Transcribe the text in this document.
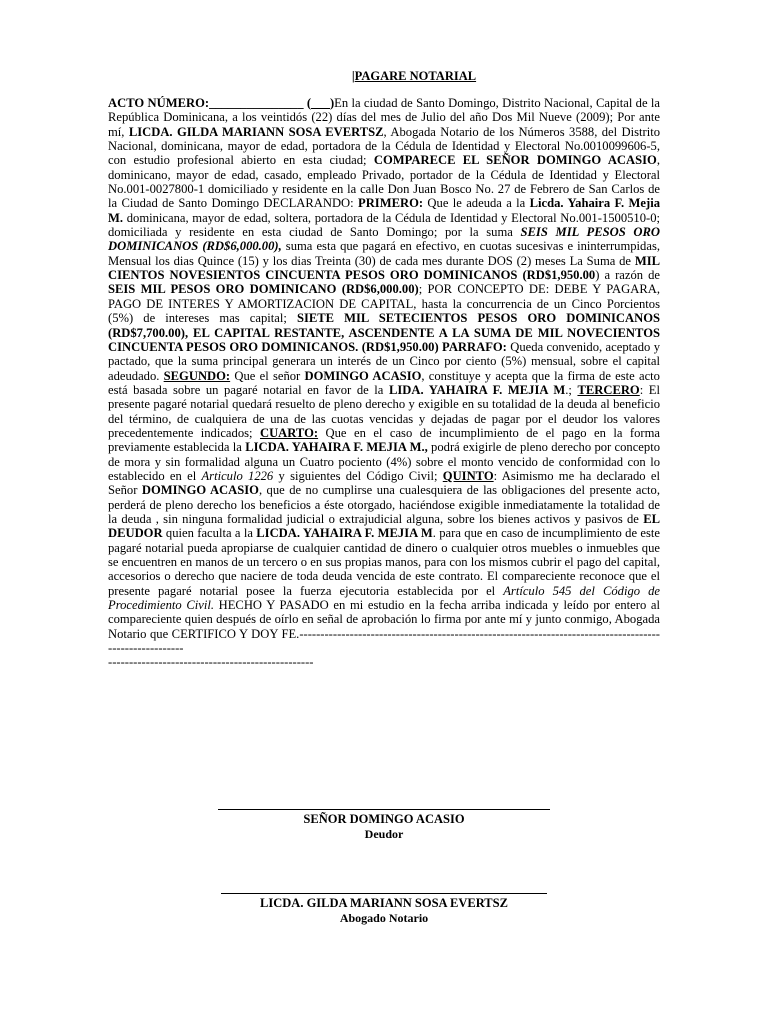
|PAGARE NOTARIAL

ACTO NÚMERO:_______________ (___)En la ciudad de Santo Domingo, Distrito Nacional, Capital de la República Dominicana, a los veintidós (22) días del mes de Julio del año Dos Mil Nueve (2009); Por ante mí, LICDA. GILDA MARIANN SOSA EVERTSZ, Abogada Notario de los Números 3588, del Distrito Nacional, dominicana, mayor de edad, portadora de la Cédula de Identidad y Electoral No.0010099606-5, con estudio profesional abierto en esta ciudad; COMPARECE EL SEÑOR DOMINGO ACASIO, dominicano, mayor de edad, casado, empleado Privado, portador de la Cédula de Identidad y Electoral No.001-0027800-1 domiciliado y residente en la calle Don Juan Bosco No. 27 de Febrero de San Carlos de la Ciudad de Santo Domingo DECLARANDO: PRIMERO: Que le adeuda a la Licda. Yahaira F. Mejia M. dominicana, mayor de edad, soltera, portadora de la Cédula de Identidad y Electoral No.001-1500510-0; domiciliada y residente en esta ciudad de Santo Domingo; por la suma SEIS MIL PESOS ORO DOMINICANOS (RD$6,000.00), suma esta que pagará en efectivo, en cuotas sucesivas e ininterrumpidas, Mensual los dias Quince (15) y los dias Treinta (30) de cada mes durante DOS (2) meses La Suma de MIL CIENTOS NOVESIENTOS CINCUENTA PESOS ORO DOMINICANOS (RD$1,950.00) a razón de SEIS MIL PESOS ORO DOMINICANO (RD$6,000.00); POR CONCEPTO DE: DEBE Y PAGARA, PAGO DE INTERES Y AMORTIZACION DE CAPITAL, hasta la concurrencia de un Cinco Porcientos (5%) de intereses mas capital; SIETE MIL SETECIENTOS PESOS ORO DOMINICANOS (RD$7,700.00), EL CAPITAL RESTANTE, ASCENDENTE A LA SUMA DE MIL NOVECIENTOS CINCUENTA PESOS ORO DOMINICANOS. (RD$1,950.00) PARRAFO: Queda convenido, aceptado y pactado, que la suma principal generara un interés de un Cinco por ciento (5%) mensual, sobre el capital adeudado. SEGUNDO: Que el señor DOMINGO ACASIO, constituye y acepta que la firma de este acto está basada sobre un pagaré notarial en favor de la LIDA. YAHAIRA F. MEJIA M.; TERCERO: El presente pagaré notarial quedará resuelto de pleno derecho y exigible en su totalidad de la deuda al beneficio del término, de cualquiera de una de las cuotas vencidas y dejadas de pagar por el deudor los valores precedentemente indicados; CUARTO: Que en el caso de incumplimiento de el pago en la forma previamente establecida la LICDA. YAHAIRA F. MEJIA M., podrá exigirle de pleno derecho por concepto de mora y sin formalidad alguna un Cuatro pociento (4%) sobre el monto vencido de conformidad con lo establecido en el Articulo 1226 y siguientes del Código Civil; QUINTO: Asimismo me ha declarado el Señor DOMINGO ACASIO, que de no cumplirse una cualesquiera de las obligaciones del presente acto, perderá de pleno derecho los beneficios a éste otorgado, haciéndose exigible inmediatamente la totalidad de la deuda , sin ninguna formalidad judicial o extrajudicial alguna, sobre los bienes activos y pasivos de EL DEUDOR quien faculta a la LICDA. YAHAIRA F. MEJIA M. para que en caso de incumplimiento de este pagaré notarial pueda apropiarse de cualquier cantidad de dinero o cualquier otros muebles o inmuebles que se encuentren en manos de un tercero o en sus propias manos, para con los mismos cubrir el pago del capital, accesorios o derecho que naciere de toda deuda vencida de este contrato. El compareciente reconoce que el presente pagaré notarial posee la fuerza ejecutoria establecida por el Artículo 545 del Código de Procedimiento Civil. HECHO Y PASADO en mi estudio en la fecha arriba indicada y leído por entero al compareciente quien después de oírlo en señal de aprobación lo firma por ante mí y junto conmigo, Abogada Notario que CERTIFICO Y DOY FE.--------------------------------------------------------------------------------------------------------

-------------------------------------------------
SEÑOR DOMINGO ACASIO
Deudor
LICDA. GILDA MARIANN SOSA EVERTSZ
Abogado Notario
